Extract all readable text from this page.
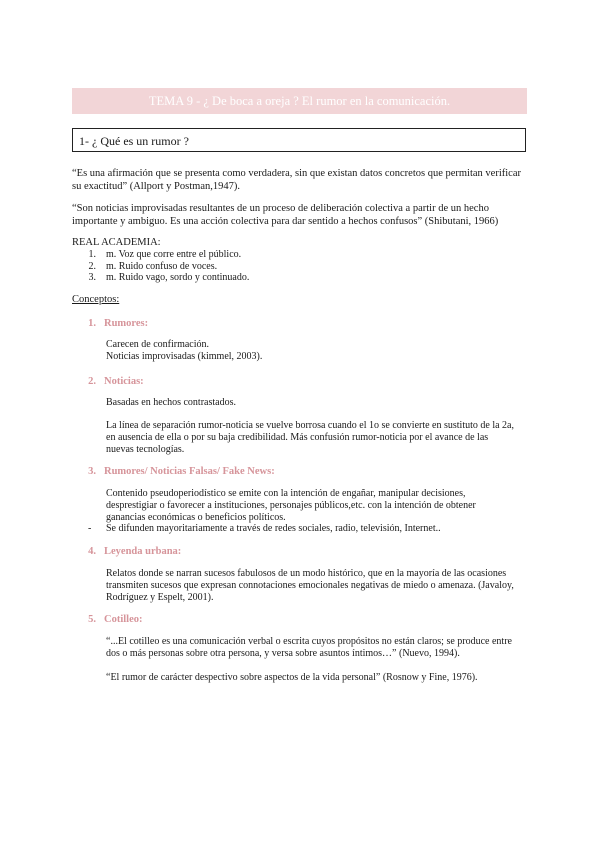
TEMA 9 - ¿ De boca a oreja ? El rumor en la comunicación.
1- ¿ Qué es un rumor ?
“Es una afirmación que se presenta como verdadera, sin que existan datos concretos que permitan verificar su exactitud” (Allport y Postman,1947).
“Son noticias improvisadas resultantes de un proceso de deliberación colectiva a partir de un hecho importante y ambiguo. Es una acción colectiva para dar sentido a hechos confusos” (Shibutani, 1966)
REAL ACADEMIA:
1.	m. Voz que corre entre el público.
2.	m. Ruido confuso de voces.
3.	m. Ruido vago, sordo y continuado.
Conceptos:
1. Rumores:
Carecen de confirmación.
Noticias improvisadas (kimmel, 2003).
2. Noticias:
Basadas en hechos contrastados.
La línea de separación rumor-noticia se vuelve borrosa cuando el 1o se convierte en sustituto de la 2a, en ausencia de ella o por su baja credibilidad. Más confusión rumor-noticia por el avance de las nuevas tecnologías.
3. Rumores/ Noticias Falsas/ Fake News:
Contenido pseudoperiodístico se emite con la intención de engañar, manipular decisiones, desprestigiar o favorecer a instituciones, personajes públicos,etc. con la intención de obtener ganancias económicas o beneficios políticos.
- Se difunden mayoritariamente a través de redes sociales, radio, televisión, Internet..
4. Leyenda urbana:
Relatos donde se narran sucesos fabulosos de un modo histórico, que en la mayoría de las ocasiones transmiten sucesos que expresan connotaciones emocionales negativas de miedo o amenaza. (Javaloy, Rodríguez y Espelt, 2001).
5. Cotilleo:
“...El cotilleo es una comunicación verbal o escrita cuyos propósitos no están claros; se produce entre dos o más personas sobre otra persona, y versa sobre asuntos íntimos…” (Nuevo, 1994).
“El rumor de carácter despectivo sobre aspectos de la vida personal” (Rosnow y Fine, 1976).
